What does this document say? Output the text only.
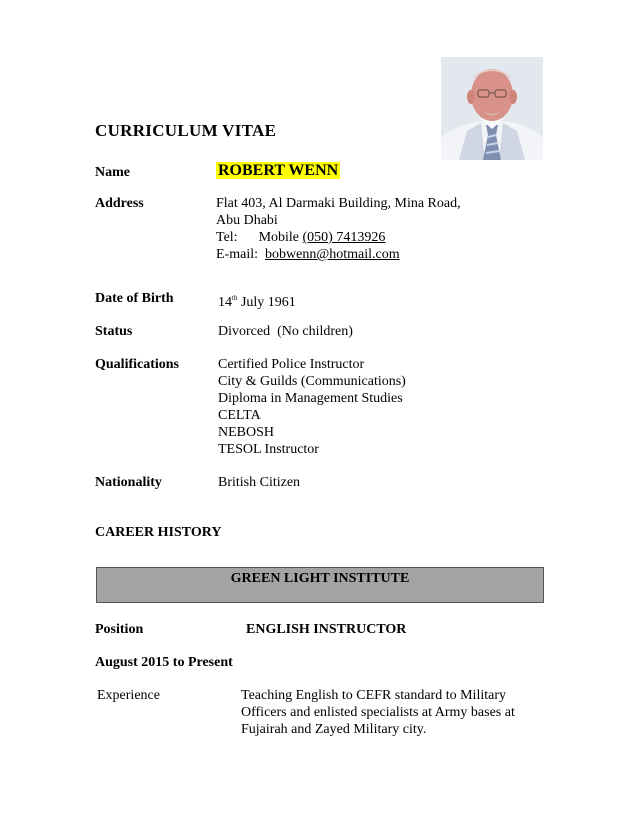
CURRICULUM VITAE
Name	ROBERT WENN
Address	Flat 403, Al Darmaki Building, Mina Road,
Abu Dhabi
Tel:      Mobile (050) 7413926
E-mail:  bobwenn@hotmail.com
Date of Birth	14th July 1961
Status	Divorced  (No children)
Qualifications	Certified Police Instructor
City & Guilds (Communications)
Diploma in Management Studies
CELTA
NEBOSH
TESOL Instructor
Nationality	British Citizen
CAREER HISTORY
GREEN LIGHT INSTITUTE
Position	ENGLISH INSTRUCTOR
August 2015 to Present
Experience	Teaching English to CEFR standard to Military
Officers and enlisted specialists at Army bases at
Fujairah and Zayed Military city.
